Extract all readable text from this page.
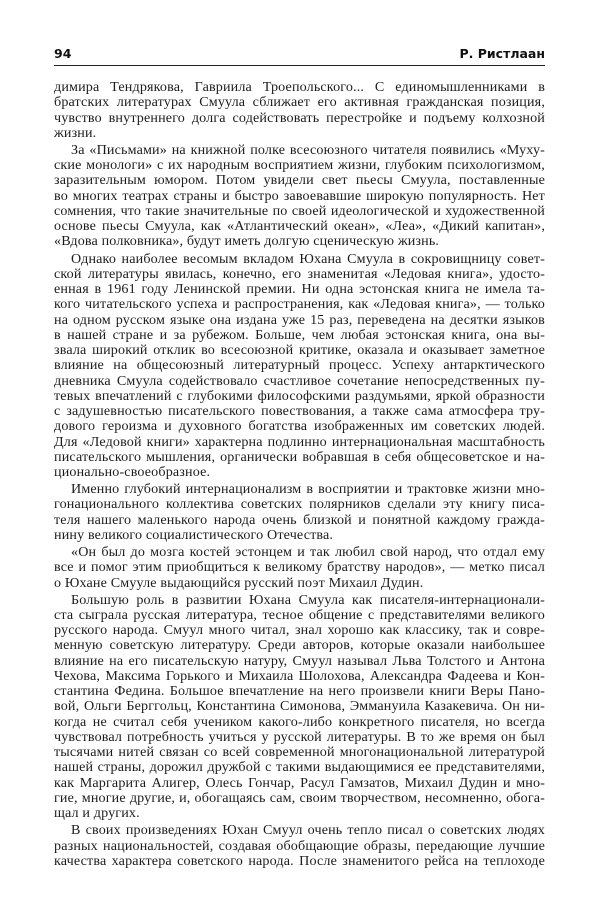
94	Р. Ристлаан

димира Тендрякова, Гавриила Троепольского... С единомышленниками в
братских литературах Смуула сближает его активная гражданская позиция,
чувство внутреннего долга содействовать перестройке и подъему колхозной
жизни.

За «Письмами» на книжной полке всесоюзного читателя появились «Муху-
ские монологи» с их народным восприятием жизни, глубоким психологизмом,
заразительным юмором. Потом увидели свет пьесы Смуула, поставленные
во многих театрах страны и быстро завоевавшие широкую популярность. Нет
сомнения, что такие значительные по своей идеологической и художественной
основе пьесы Смуула, как «Атлантический океан», «Леа», «Дикий капитан»,
«Вдова полковника», будут иметь долгую сценическую жизнь.

Однако наиболее весомым вкладом Юхана Смуула в сокровищницу совет-
ской литературы явилась, конечно, его знаменитая «Ледовая книга», удосто-
енная в 1961 году Ленинской премии. Ни одна эстонская книга не имела та-
кого читательского успеха и распространения, как «Ледовая книга», — только
на одном русском языке она издана уже 15 раз, переведена на десятки языков
в нашей стране и за рубежом. Больше, чем любая эстонская книга, она вы-
звала широкий отклик во всесоюзной критике, оказала и оказывает заметное
влияние на общесоюзный литературный процесс. Успеху антарктического
дневника Смуула содействовало счастливое сочетание непосредственных пу-
тевых впечатлений с глубокими философскими раздумьями, яркой образности
с задушевностью писательского повествования, а также сама атмосфера тру-
дового героизма и духовного богатства изображенных им советских людей.
Для «Ледовой книги» характерна подлинно интернациональная масштабность
писательского мышления, органически вобравшая в себя общесоветское и на-
ционально-своеобразное.

Именно глубокий интернационализм в восприятии и трактовке жизни мно-
гонационального коллектива советских полярников сделали эту книгу писа-
теля нашего маленького народа очень близкой и понятной каждому гражда-
нину великого социалистического Отечества.

«Он был до мозга костей эстонцем и так любил свой народ, что отдал ему
все и помог этим приобщиться к великому братству народов», — метко писал
о Юхане Смууле выдающийся русский поэт Михаил Дудин.

Большую роль в развитии Юхана Смуула как писателя-интернационали-
ста сыграла русская литература, тесное общение с представителями великого
русского народа. Смуул много читал, знал хорошо как классику, так и совре-
менную советскую литературу. Среди авторов, которые оказали наибольшее
влияние на его писательскую натуру, Смуул называл Льва Толстого и Антона
Чехова, Максима Горького и Михаила Шолохова, Александра Фадеева и Кон-
стантина Федина. Большое впечатление на него произвели книги Веры Пано-
вой, Ольги Берггольц, Константина Симонова, Эммануила Казакевича. Он ни-
когда не считал себя учеником какого-либо конкретного писателя, но всегда
чувствовал потребность учиться у русской литературы. В то же время он был
тысячами нитей связан со всей современной многонациональной литературой
нашей страны, дорожил дружбой с такими выдающимися ее представителями,
как Маргарита Алигер, Олесь Гончар, Расул Гамзатов, Михаил Дудин и мно-
гие, многие другие, и, обогащаясь сам, своим творчеством, несомненно, обога-
щал и других.

В своих произведениях Юхан Смуул очень тепло писал о советских людях
разных национальностей, создавая обобщающие образы, передающие лучшие
качества характера советского народа. После знаменитого рейса на теплоходе
